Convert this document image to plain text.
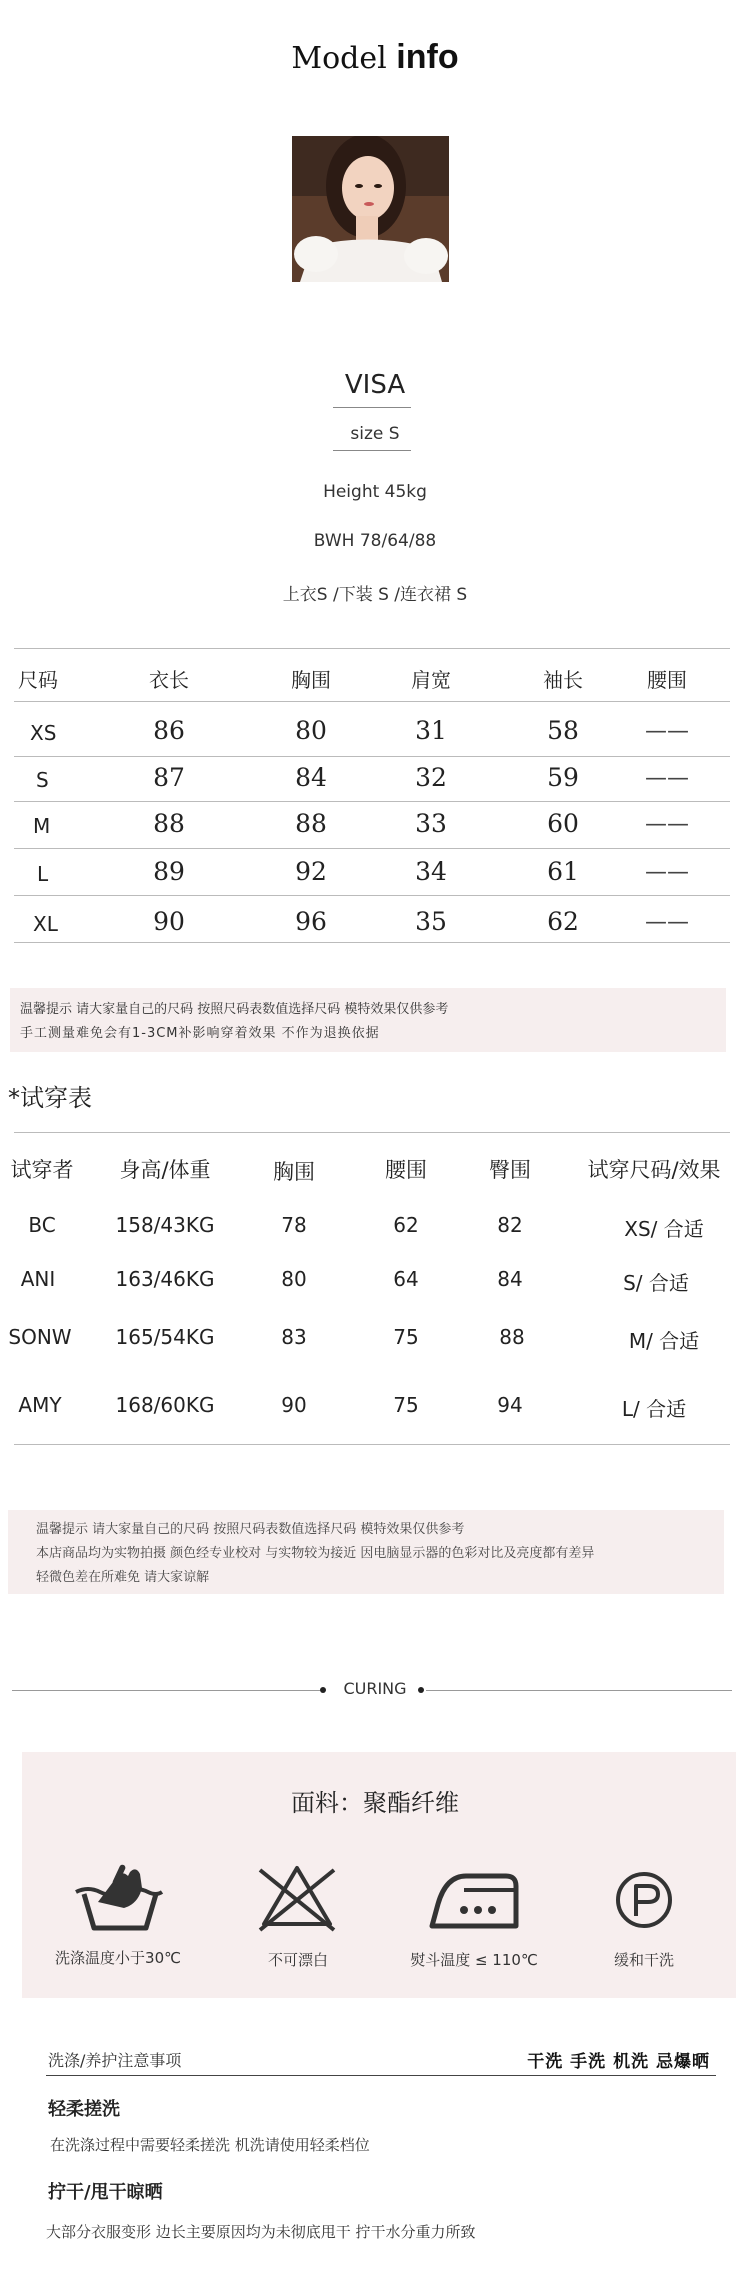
Model info
VISA
size S
Height 45kg
BWH 78/64/88
上衣S /下装 S /连衣裙 S
尺码	衣长	胸围	肩宽	袖长	腰围
XS	86	80	31	58	——
S	87	84	32	59	——
M	88	88	33	60	——
L	89	92	34	61	——
XL	90	96	35	62	——
温馨提示 请大家量自己的尺码 按照尺码表数值选择尺码 模特效果仅供参考
手工测量难免会有1-3CM补影响穿着效果 不作为退换依据
*试穿表
试穿者	身高/体重	胸围	腰围	臀围	试穿尺码/效果
BC	158/43KG	78	62	82	XS/ 合适
ANI	163/46KG	80	64	84	S/ 合适
SONW	165/54KG	83	75	88	M/ 合适
AMY	168/60KG	90	75	94	L/ 合适
温馨提示 请大家量自己的尺码 按照尺码表数值选择尺码 模特效果仅供参考
本店商品均为实物拍摄 颜色经专业校对 与实物较为接近 因电脑显示器的色彩对比及亮度都有差异
轻微色差在所难免 请大家谅解
CURING
面料：聚酯纤维
洗涤温度小于30℃	不可漂白	熨斗温度 ≤ 110℃	缓和干洗
洗涤/养护注意事项	干洗 手洗 机洗 忌爆晒
轻柔搓洗
在洗涤过程中需要轻柔搓洗 机洗请使用轻柔档位
拧干/甩干晾晒
大部分衣服变形 边长主要原因均为未彻底甩干 拧干水分重力所致
